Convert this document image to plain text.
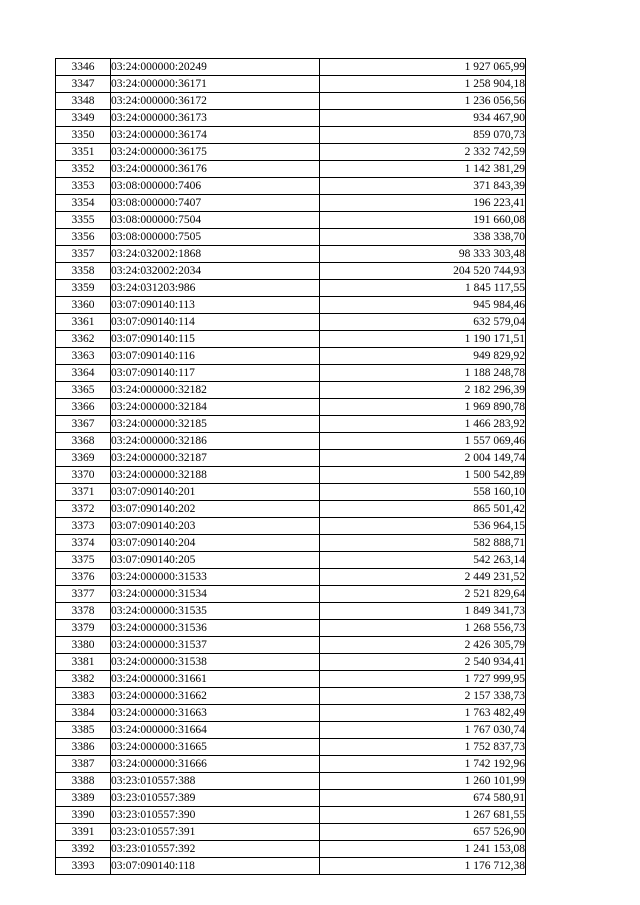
3346	03:24:000000:20249	1 927 065,99
3347	03:24:000000:36171	1 258 904,18
3348	03:24:000000:36172	1 236 056,56
3349	03:24:000000:36173	934 467,90
3350	03:24:000000:36174	859 070,73
3351	03:24:000000:36175	2 332 742,59
3352	03:24:000000:36176	1 142 381,29
3353	03:08:000000:7406	371 843,39
3354	03:08:000000:7407	196 223,41
3355	03:08:000000:7504	191 660,08
3356	03:08:000000:7505	338 338,70
3357	03:24:032002:1868	98 333 303,48
3358	03:24:032002:2034	204 520 744,93
3359	03:24:031203:986	1 845 117,55
3360	03:07:090140:113	945 984,46
3361	03:07:090140:114	632 579,04
3362	03:07:090140:115	1 190 171,51
3363	03:07:090140:116	949 829,92
3364	03:07:090140:117	1 188 248,78
3365	03:24:000000:32182	2 182 296,39
3366	03:24:000000:32184	1 969 890,78
3367	03:24:000000:32185	1 466 283,92
3368	03:24:000000:32186	1 557 069,46
3369	03:24:000000:32187	2 004 149,74
3370	03:24:000000:32188	1 500 542,89
3371	03:07:090140:201	558 160,10
3372	03:07:090140:202	865 501,42
3373	03:07:090140:203	536 964,15
3374	03:07:090140:204	582 888,71
3375	03:07:090140:205	542 263,14
3376	03:24:000000:31533	2 449 231,52
3377	03:24:000000:31534	2 521 829,64
3378	03:24:000000:31535	1 849 341,73
3379	03:24:000000:31536	1 268 556,73
3380	03:24:000000:31537	2 426 305,79
3381	03:24:000000:31538	2 540 934,41
3382	03:24:000000:31661	1 727 999,95
3383	03:24:000000:31662	2 157 338,73
3384	03:24:000000:31663	1 763 482,49
3385	03:24:000000:31664	1 767 030,74
3386	03:24:000000:31665	1 752 837,73
3387	03:24:000000:31666	1 742 192,96
3388	03:23:010557:388	1 260 101,99
3389	03:23:010557:389	674 580,91
3390	03:23:010557:390	1 267 681,55
3391	03:23:010557:391	657 526,90
3392	03:23:010557:392	1 241 153,08
3393	03:07:090140:118	1 176 712,38
